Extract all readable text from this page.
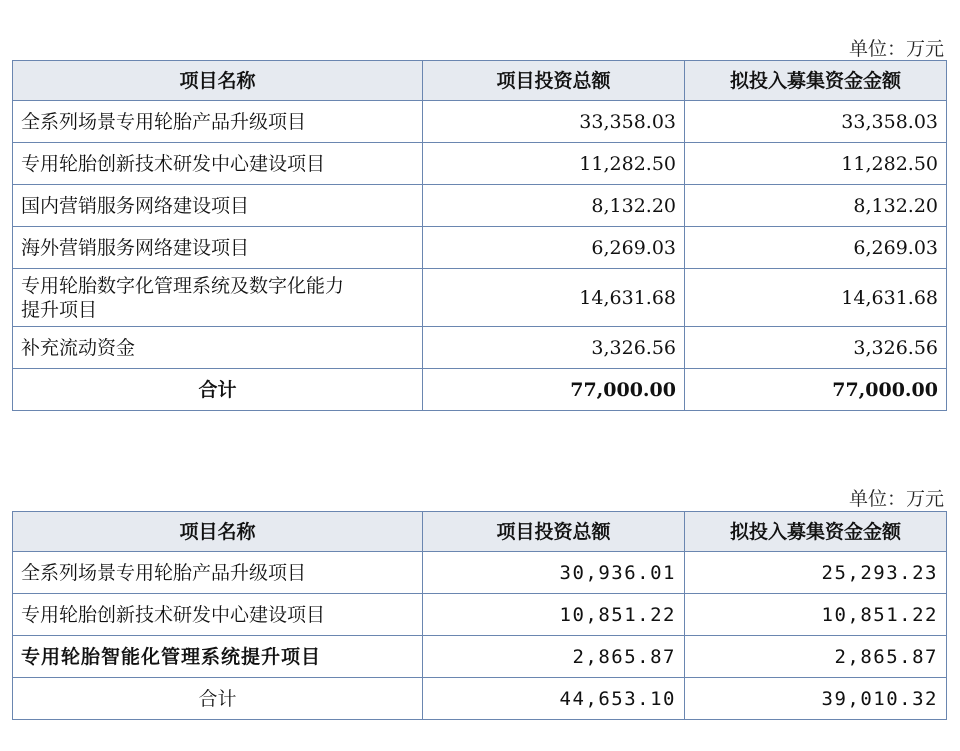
单位：万元
项目名称	项目投资总额	拟投入募集资金金额
全系列场景专用轮胎产品升级项目	33,358.03	33,358.03
专用轮胎创新技术研发中心建设项目	11,282.50	11,282.50
国内营销服务网络建设项目	8,132.20	8,132.20
海外营销服务网络建设项目	6,269.03	6,269.03

专用轮胎数字化管理系统及数字化能力
提升项目	14,631.68	14,631.68
补充流动资金	3,326.56	3,326.56
合计	77,000.00	77,000.00
单位：万元
项目名称	项目投资总额	拟投入募集资金金额
全系列场景专用轮胎产品升级项目	30,936.01	25,293.23
专用轮胎创新技术研发中心建设项目	10,851.22	10,851.22
专用轮胎智能化管理系统提升项目	2,865.87	2,865.87
合计	44,653.10	39,010.32
